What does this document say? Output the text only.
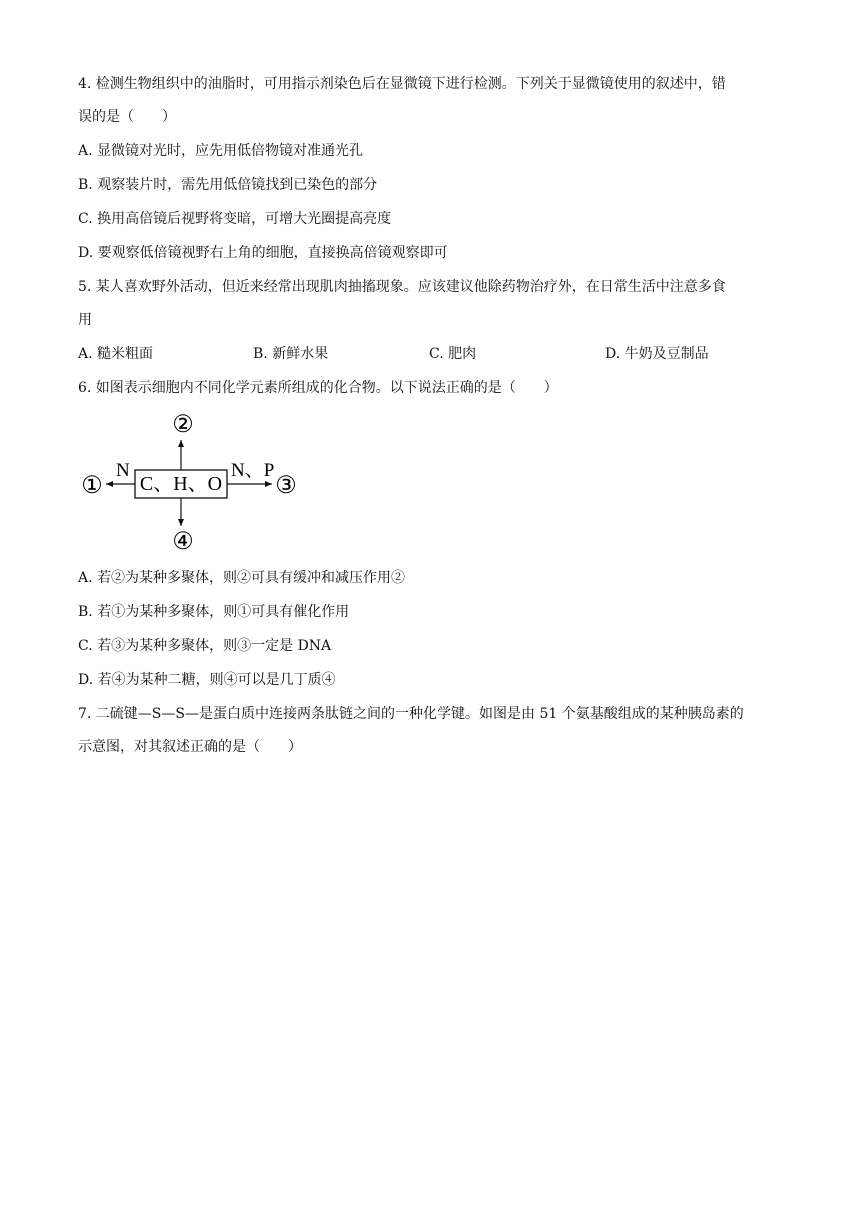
4. 检测生物组织中的油脂时，可用指示剂染色后在显微镜下进行检测。下列关于显微镜使用的叙述中，错
误的是（　　）
A. 显微镜对光时，应先用低倍物镜对准通光孔
B. 观察装片时，需先用低倍镜找到已染色的部分
C. 换用高倍镜后视野将变暗，可增大光圈提高亮度
D. 要观察低倍镜视野右上角的细胞，直接换高倍镜观察即可
5. 某人喜欢野外活动，但近来经常出现肌肉抽搐现象。应该建议他除药物治疗外，在日常生活中注意多食
用
A. 糙米粗面	B. 新鲜水果	C. 肥肉	D. 牛奶及豆制品
6. 如图表示细胞内不同化学元素所组成的化合物。以下说法正确的是（　　）
C、H、O
N	N、P
②
①	③
④
A. 若②为某种多聚体，则②可具有缓冲和减压作用②
B. 若①为某种多聚体，则①可具有催化作用
C. 若③为某种多聚体，则③一定是 DNA
D. 若④为某种二糖，则④可以是几丁质④
7. 二硫键—S—S—是蛋白质中连接两条肽链之间的一种化学键。如图是由 51 个氨基酸组成的某种胰岛素的
示意图，对其叙述正确的是（　　）
